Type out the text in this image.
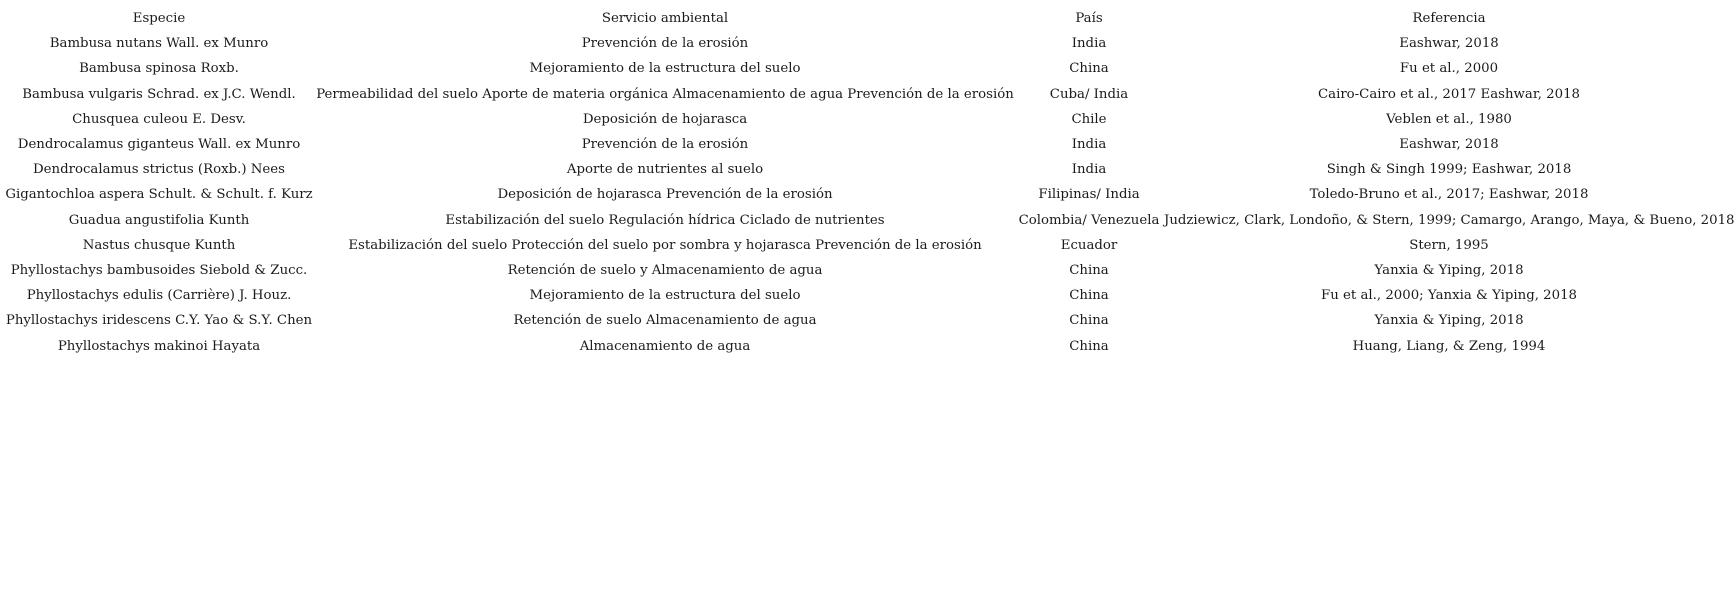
Especie	Servicio ambiental	País	Referencia
Bambusa nutans Wall. ex Munro	Prevención de la erosión	India	Eashwar, 2018
Bambusa spinosa Roxb.	Mejoramiento de la estructura del suelo	China	Fu et al., 2000
Bambusa vulgaris Schrad. ex J.C. Wendl.	Permeabilidad del suelo Aporte de materia orgánica Almacenamiento de agua Prevención de la erosión	Cuba/ India	Cairo-Cairo et al., 2017 Eashwar, 2018
Chusquea culeou E. Desv.	Deposición de hojarasca	Chile	Veblen et al., 1980
Dendrocalamus giganteus Wall. ex Munro	Prevención de la erosión	India	Eashwar, 2018
Dendrocalamus strictus (Roxb.) Nees	Aporte de nutrientes al suelo	India	Singh & Singh 1999; Eashwar, 2018
Gigantochloa aspera Schult. & Schult. f. Kurz	Deposición de hojarasca Prevención de la erosión	Filipinas/ India	Toledo-Bruno et al., 2017; Eashwar, 2018
Guadua angustifolia Kunth	Estabilización del suelo Regulación hídrica Ciclado de nutrientes	Colombia/ Venezuela	Judziewicz, Clark, Londoño, & Stern, 1999; Camargo, Arango, Maya, & Bueno, 2018
Nastus chusque Kunth	Estabilización del suelo Protección del suelo por sombra y hojarasca Prevención de la erosión	Ecuador	Stern, 1995
Phyllostachys bambusoides Siebold & Zucc.	Retención de suelo y Almacenamiento de agua	China	Yanxia & Yiping, 2018
Phyllostachys edulis (Carrière) J. Houz.	Mejoramiento de la estructura del suelo	China	Fu et al., 2000; Yanxia & Yiping, 2018
Phyllostachys iridescens C.Y. Yao & S.Y. Chen	Retención de suelo Almacenamiento de agua	China	Yanxia & Yiping, 2018
Phyllostachys makinoi Hayata	Almacenamiento de agua	China	Huang, Liang, & Zeng, 1994
